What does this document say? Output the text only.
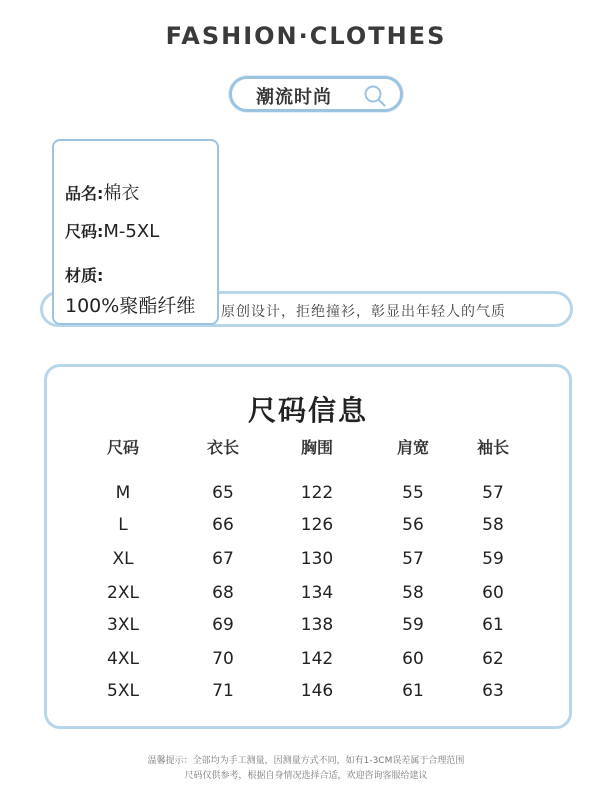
FASHION·CLOTHES
潮流时尚
原创设计，拒绝撞衫，彰显出年轻人的气质
品名:棉衣
尺码:M-5XL
材质:
100%聚酯纤维
尺码信息
尺码	衣长	胸围	肩宽	袖长
M	65	122	55	57
L	66	126	56	58
XL	67	130	57	59
2XL	68	134	58	60
3XL	69	138	59	61
4XL	70	142	60	62
5XL	71	146	61	63
温馨提示：全部均为手工测量，因测量方式不同，如有1-3CM误差属于合理范围
尺码仅供参考，根据自身情况选择合适，欢迎咨询客服给建议
